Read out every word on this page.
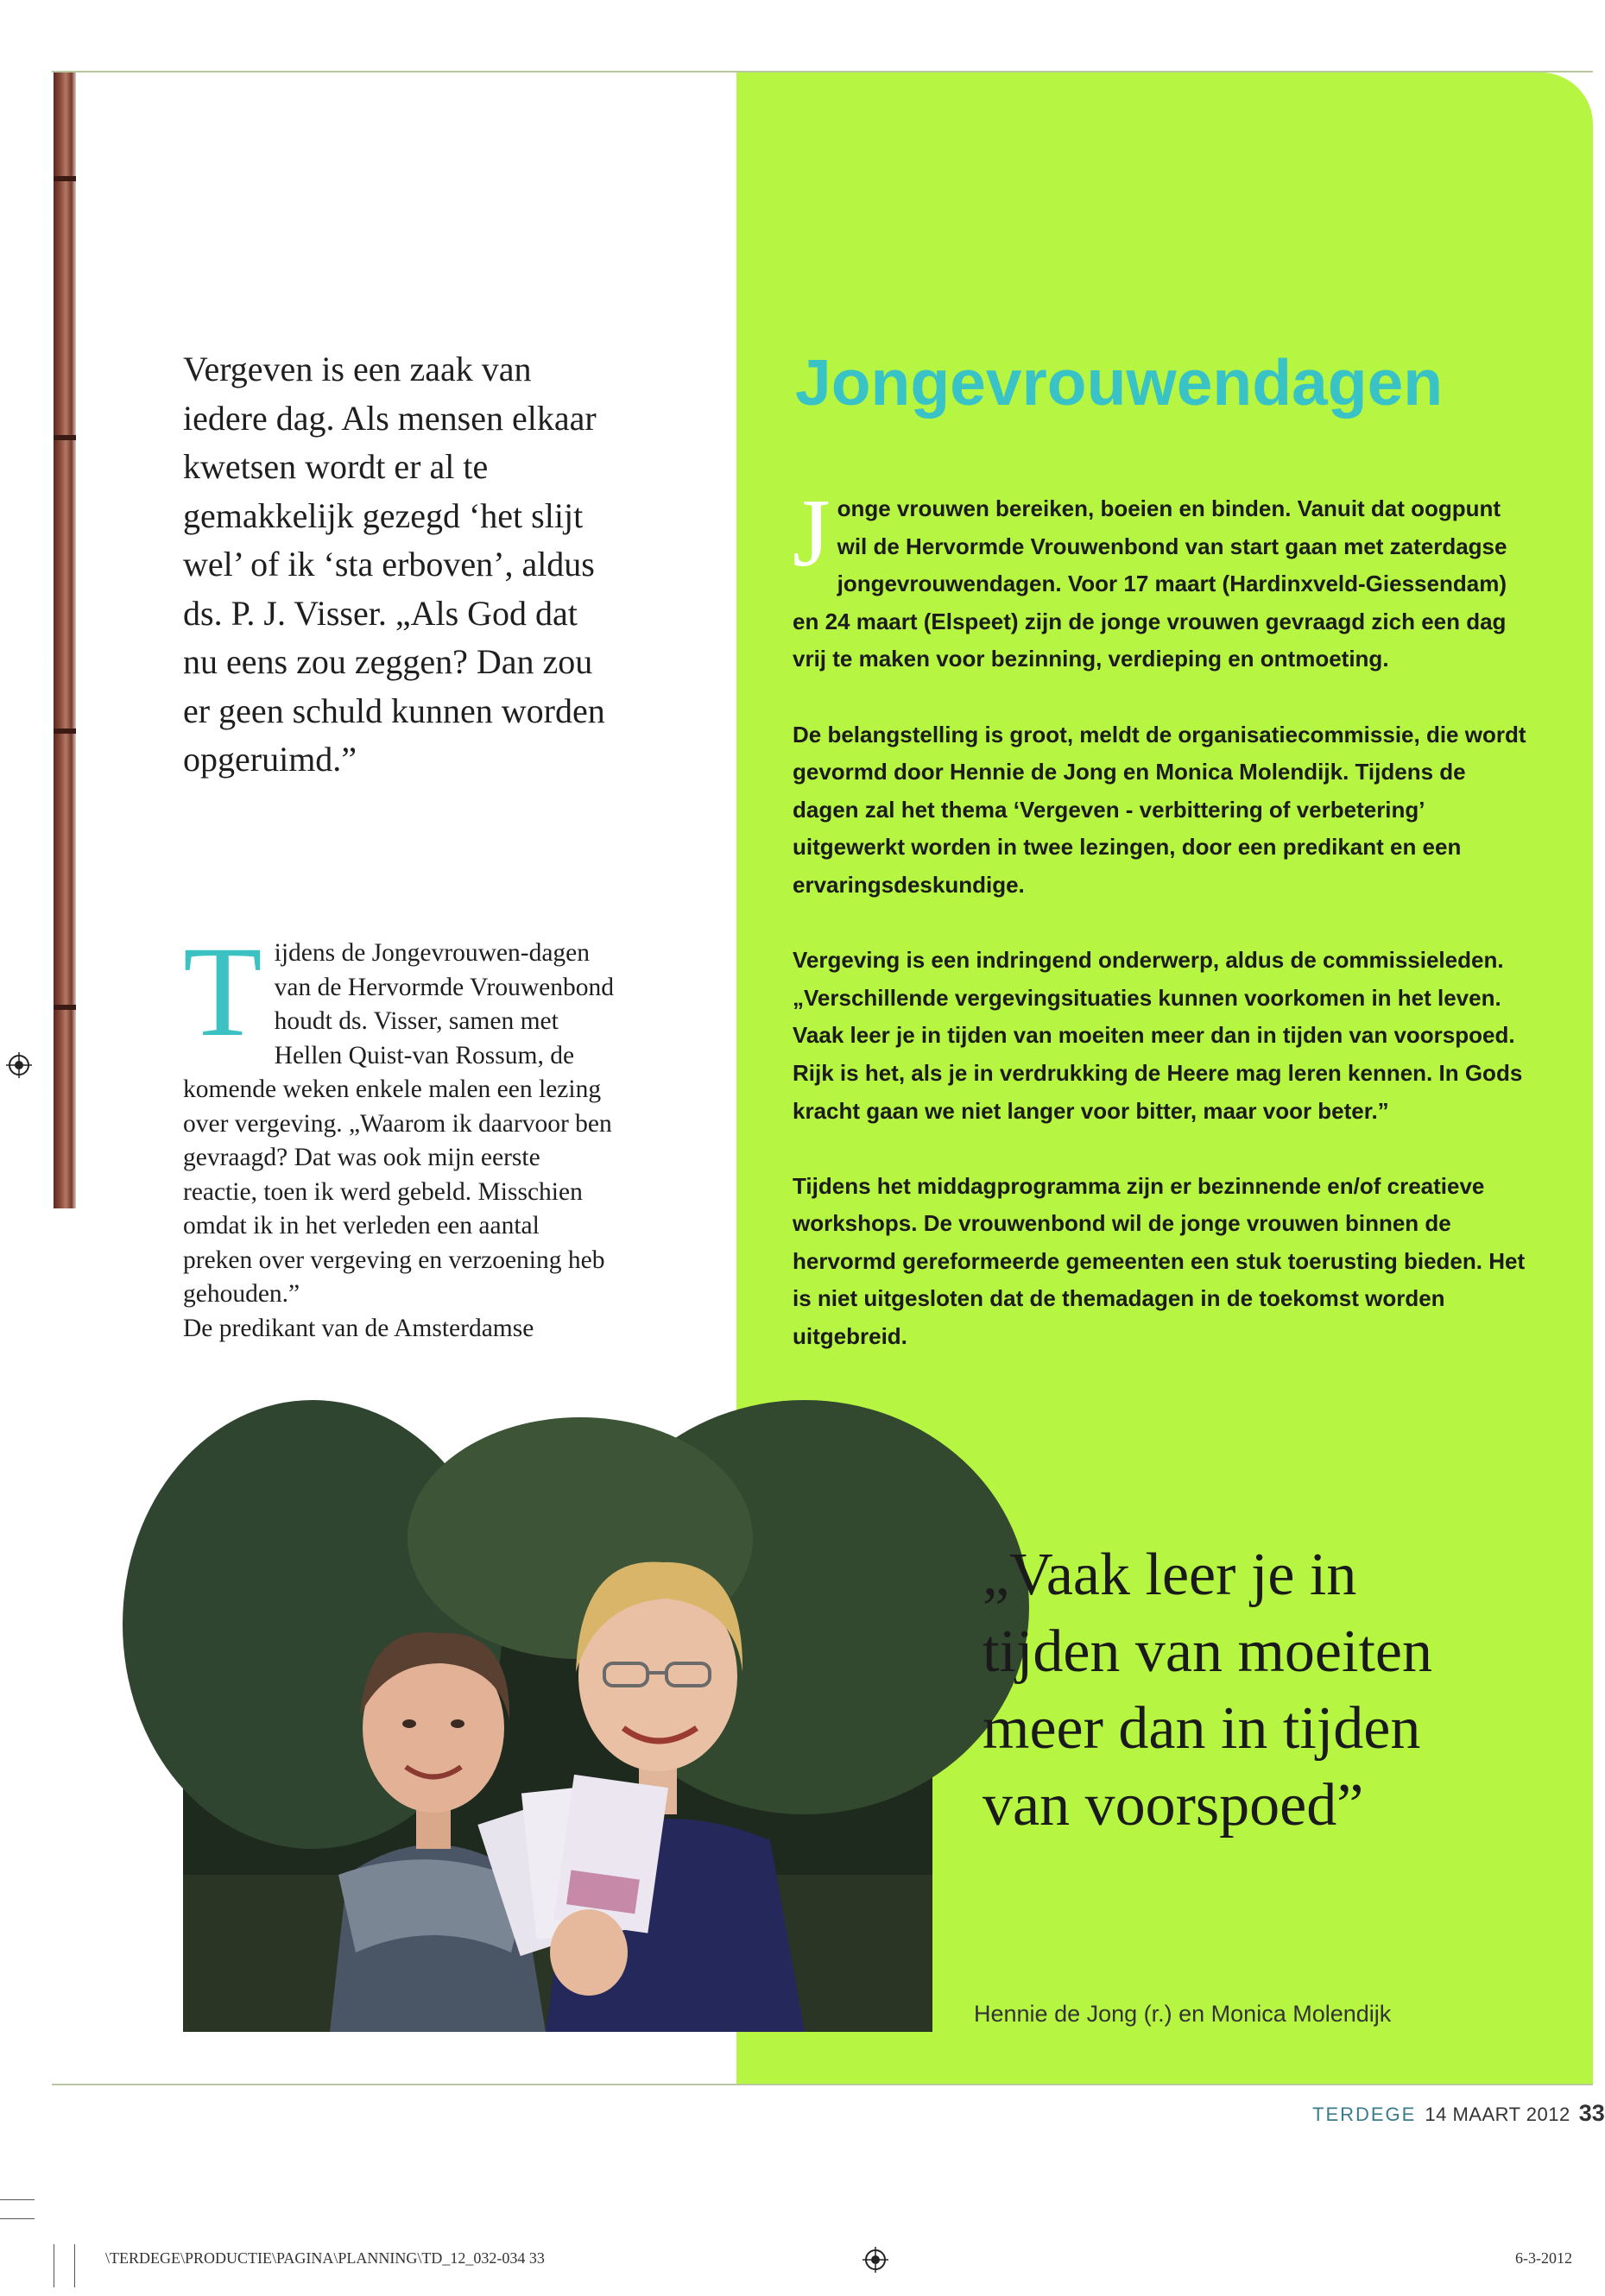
Vergeven is een zaak van iedere dag. Als mensen elkaar kwetsen wordt er al te gemakkelijk gezegd ‘het slijt wel’ of ik ‘sta erboven’, aldus ds. P. J. Visser. „Als God dat nu eens zou zeggen? Dan zou er geen schuld kunnen worden opgeruimd.”
T ijdens de Jongevrouwen-dagen van de Hervormde Vrouwenbond houdt ds. Visser, samen met Hellen Quist-van Rossum, de komende weken enkele malen een lezing over vergeving. „Waarom ik daarvoor ben gevraagd? Dat was ook mijn eerste reactie, toen ik werd gebeld. Misschien omdat ik in het verleden een aantal preken over vergeving en verzoening heb gehouden.”
De predikant van de Amsterdamse
Jongevrouwendagen

Jonge vrouwen bereiken, boeien en binden. Vanuit dat oogpunt wil de Hervormde Vrouwenbond van start gaan met zaterdagse jongevrouwendagen. Voor 17 maart (Hardinxveld-Giessendam) en 24 maart (Elspeet) zijn de jonge vrouwen gevraagd zich een dag vrij te maken voor bezinning, verdieping en ontmoeting.

De belangstelling is groot, meldt de organisatiecommissie, die wordt gevormd door Hennie de Jong en Monica Molendijk. Tijdens de dagen zal het thema ‘Vergeven - verbittering of verbetering’ uitgewerkt worden in twee lezingen, door een predikant en een ervaringsdeskundige.

Vergeving is een indringend onderwerp, aldus de commissieleden. „Verschillende vergevingsituaties kunnen voorkomen in het leven. Vaak leer je in tijden van moeiten meer dan in tijden van voorspoed. Rijk is het, als je in verdrukking de Heere mag leren kennen. In Gods kracht gaan we niet langer voor bitter, maar voor beter.”

Tijdens het middagprogramma zijn er bezinnende en/of creatieve workshops. De vrouwenbond wil de jonge vrouwen binnen de hervormd gereformeerde gemeenten een stuk toerusting bieden. Het is niet uitgesloten dat de themadagen in de toekomst worden uitgebreid.

„Vaak leer je in tijden van moeiten meer dan in tijden van voorspoed”
Hennie de Jong (r.) en Monica Molendijk
TERDEGE 14 MAART 2012 33
\TERDEGE\PRODUCTIE\PAGINA\PLANNING\TD_12_032-034 33	6-3-2012
